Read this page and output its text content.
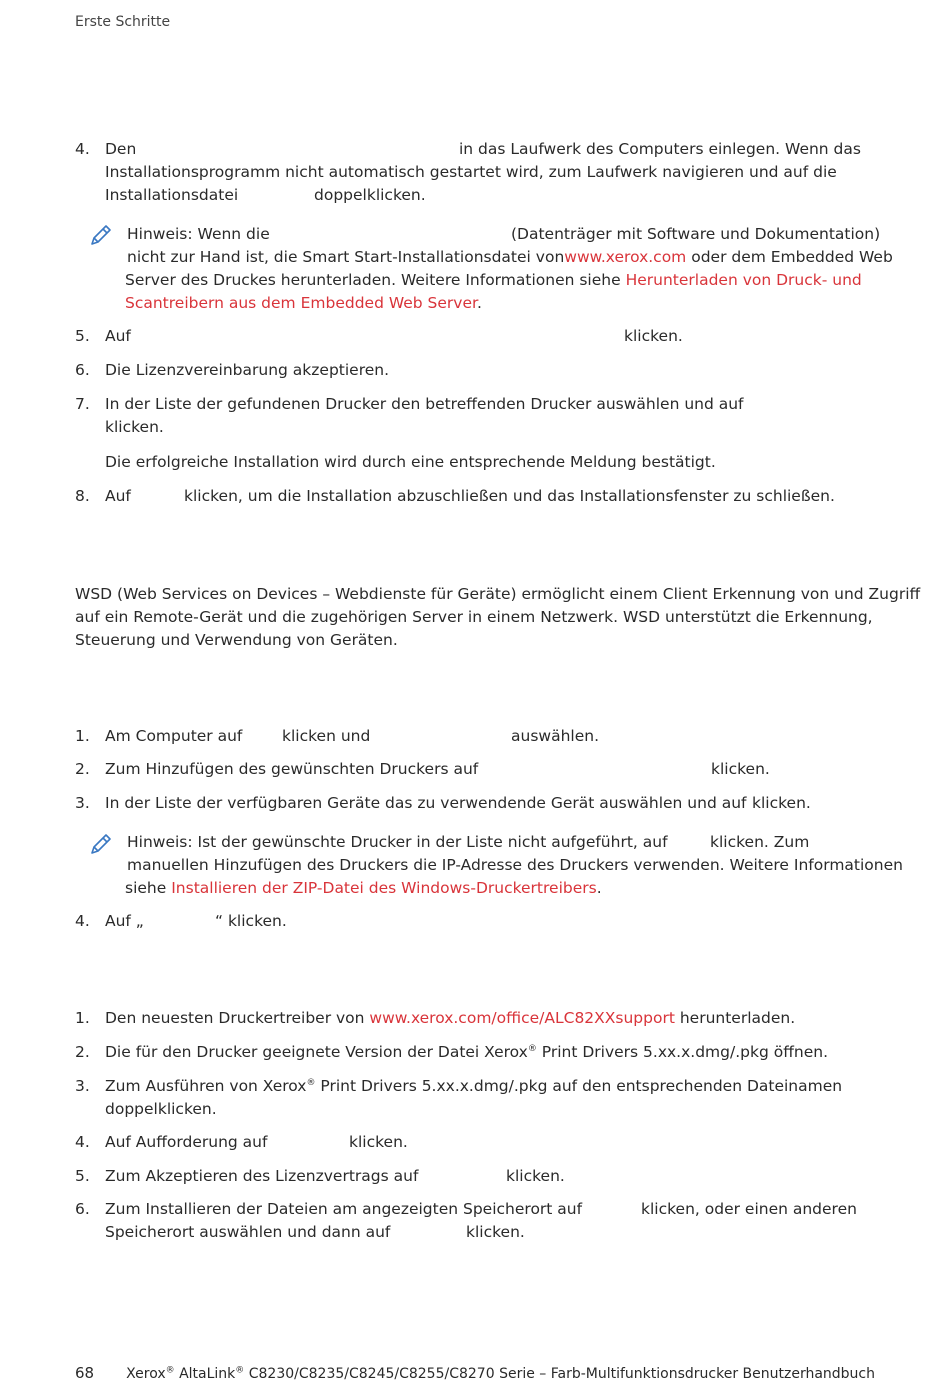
Erste Schritte
4. Den	in das Laufwerk des Computers einlegen. Wenn das
Installationsprogramm nicht automatisch gestartet wird, zum Laufwerk navigieren und auf die
Installationsdatei	doppelklicken.
Hinweis: Wenn die	(Datenträger mit Software und Dokumentation)
nicht zur Hand ist, die Smart Start-Installationsdatei vonwww.xerox.com oder dem Embedded Web
Server des Druckes herunterladen. Weitere Informationen siehe Herunterladen von Druck- und
Scantreibern aus dem Embedded Web Server.
5. Auf	klicken.
6. Die Lizenzvereinbarung akzeptieren.
7. In der Liste der gefundenen Drucker den betreffenden Drucker auswählen und auf
klicken.
Die erfolgreiche Installation wird durch eine entsprechende Meldung bestätigt.
8. Auf	klicken, um die Installation abzuschließen und das Installationsfenster zu schließen.
WSD (Web Services on Devices – Webdienste für Geräte) ermöglicht einem Client Erkennung von und Zugriff
auf ein Remote-Gerät und die zugehörigen Server in einem Netzwerk. WSD unterstützt die Erkennung,
Steuerung und Verwendung von Geräten.
1. Am Computer auf	klicken und	auswählen.
2. Zum Hinzufügen des gewünschten Druckers auf	klicken.
3. In der Liste der verfügbaren Geräte das zu verwendende Gerät auswählen und auf klicken.
Hinweis: Ist der gewünschte Drucker in der Liste nicht aufgeführt, auf	klicken. Zum
manuellen Hinzufügen des Druckers die IP-Adresse des Druckers verwenden. Weitere Informationen
siehe Installieren der ZIP-Datei des Windows-Druckertreibers.
4. Auf „	“ klicken.
1. Den neuesten Druckertreiber von www.xerox.com/office/ALC82XXsupport herunterladen.
2. Die für den Drucker geeignete Version der Datei Xerox® Print Drivers 5.xx.x.dmg/.pkg öffnen.
3. Zum Ausführen von Xerox® Print Drivers 5.xx.x.dmg/.pkg auf den entsprechenden Dateinamen
doppelklicken.
4. Auf Aufforderung auf	klicken.
5. Zum Akzeptieren des Lizenzvertrags auf	klicken.
6. Zum Installieren der Dateien am angezeigten Speicherort auf	klicken, oder einen anderen
Speicherort auswählen und dann auf	klicken.
68 Xerox® AltaLink® C8230/C8235/C8245/C8255/C8270 Serie – Farb-Multifunktionsdrucker Benutzerhandbuch
